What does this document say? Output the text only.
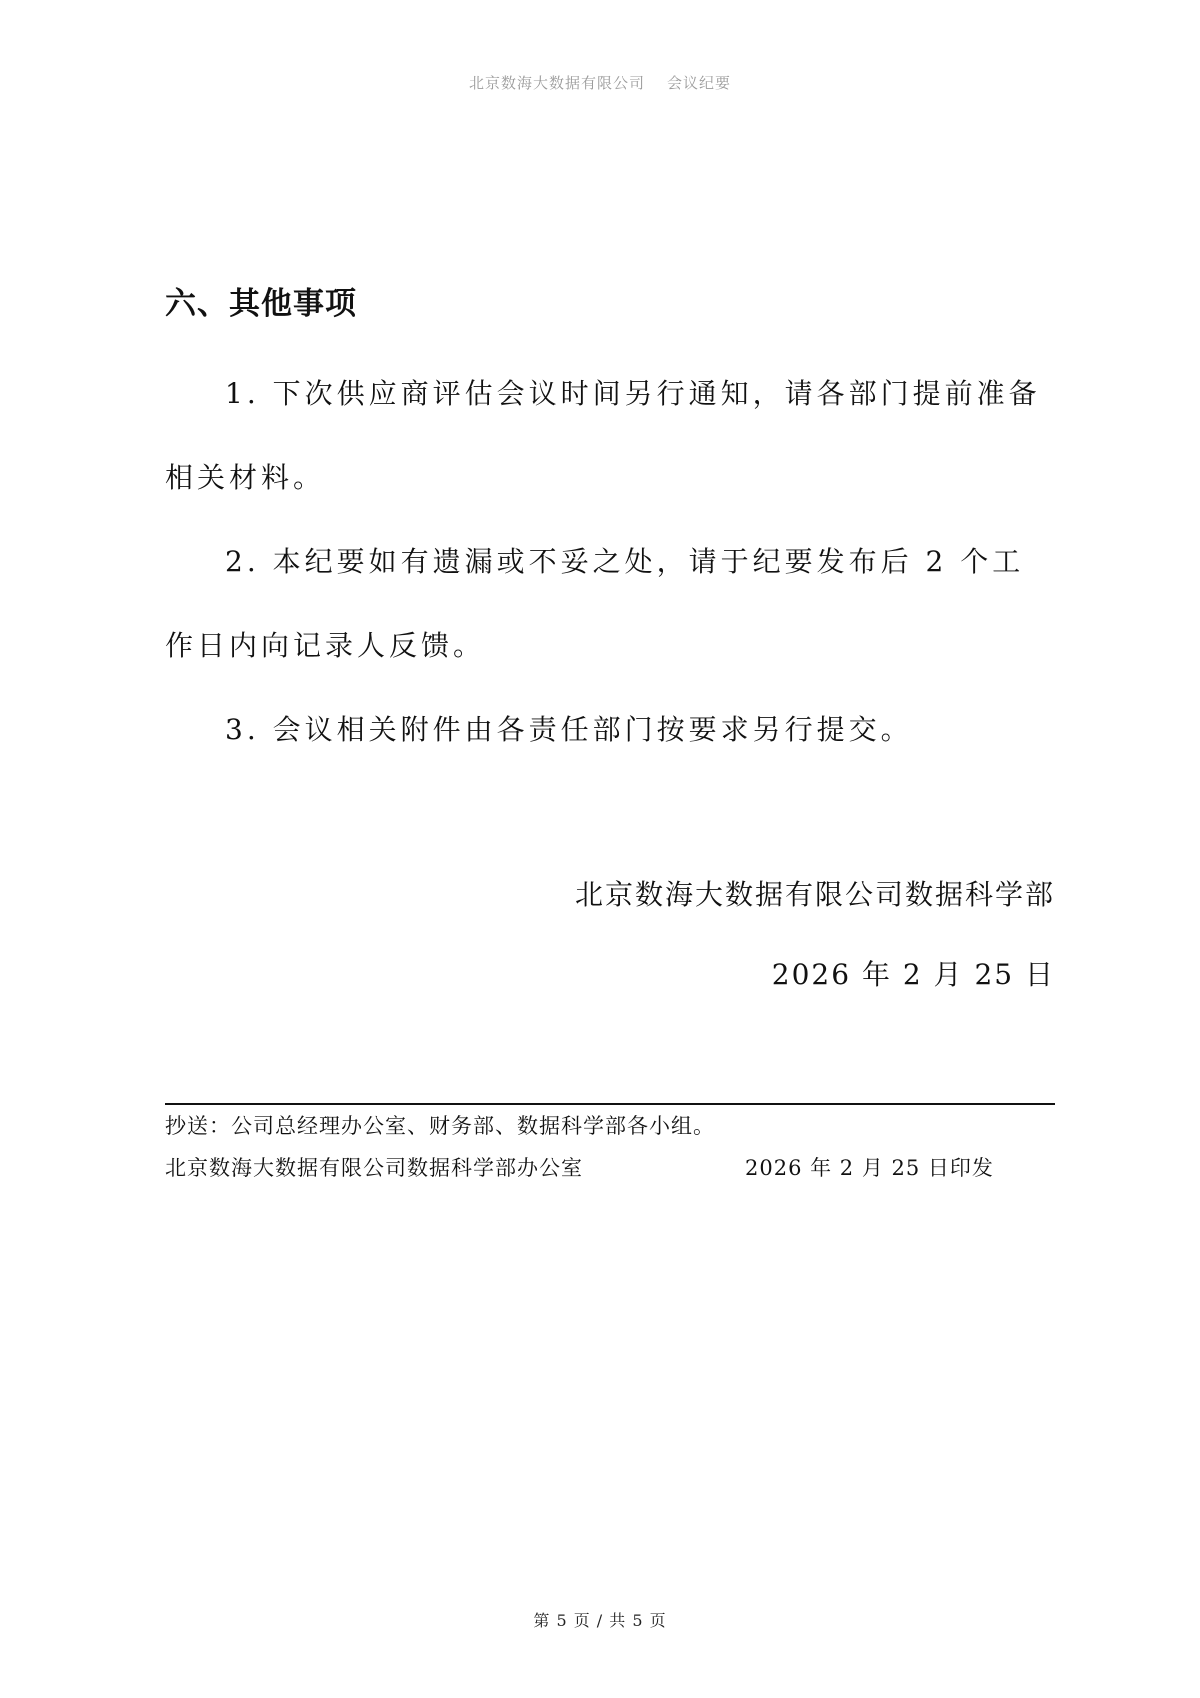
北京数海大数据有限公司 会议纪要
六、其他事项
1. 下次供应商评估会议时间另行通知，请各部门提前准备相关材料。
2. 本纪要如有遗漏或不妥之处，请于纪要发布后 2 个工作日内向记录人反馈。
3. 会议相关附件由各责任部门按要求另行提交。
北京数海大数据有限公司数据科学部
2026 年 2 月 25 日
抄送：公司总经理办公室、财务部、数据科学部各小组。
北京数海大数据有限公司数据科学部办公室	2026 年 2 月 25 日印发
第 5 页 / 共 5 页
